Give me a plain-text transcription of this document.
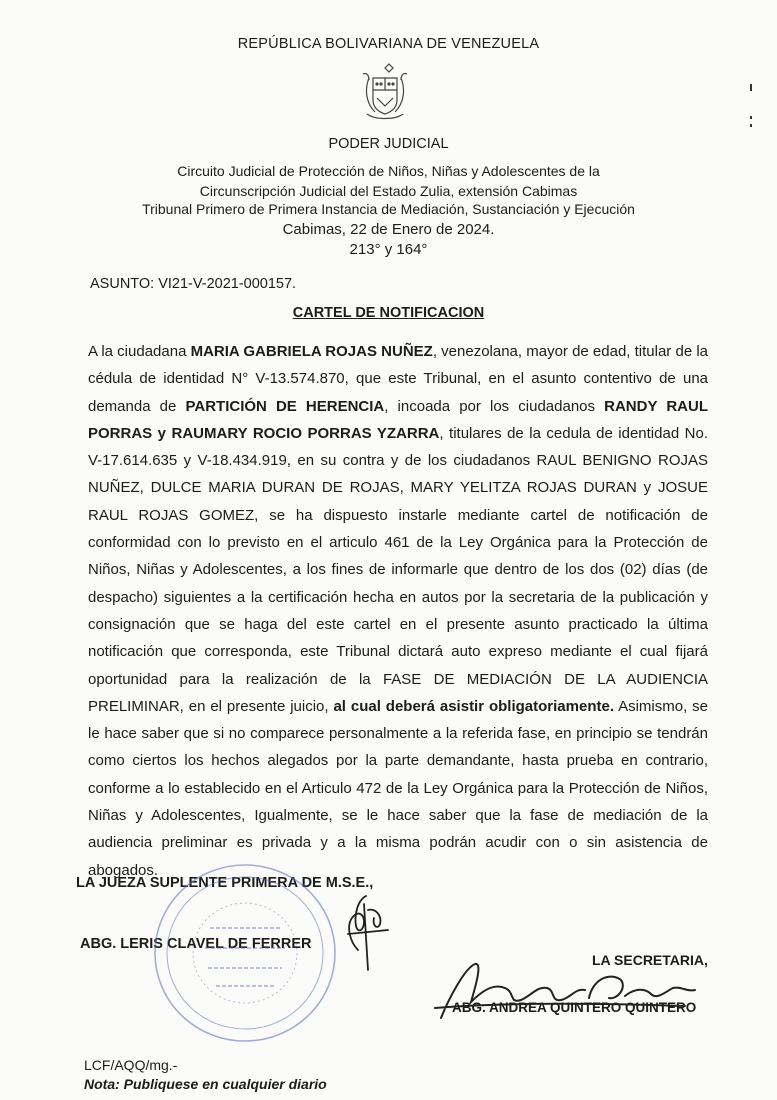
REPÚBLICA BOLIVARIANA DE VENEZUELA
PODER JUDICIAL
Circuito Judicial de Protección de Niños, Niñas y Adolescentes de la
Circunscripción Judicial del Estado Zulia, extensión Cabimas
Tribunal Primero de Primera Instancia de Mediación, Sustanciación y Ejecución
Cabimas, 22 de Enero de 2024.
213° y 164°
ASUNTO: VI21-V-2021-000157.
CARTEL DE NOTIFICACION

A la ciudadana MARIA GABRIELA ROJAS NUÑEZ, venezolana, mayor de edad, titular de la cédula de identidad N° V-13.574.870, que este Tribunal, en el asunto contentivo de una demanda de PARTICIÓN DE HERENCIA, incoada por los ciudadanos RANDY RAUL PORRAS y RAUMARY ROCIO PORRAS YZARRA, titulares de la cedula de identidad No. V-17.614.635 y V-18.434.919, en su contra y de los ciudadanos RAUL BENIGNO ROJAS NUÑEZ, DULCE MARIA DURAN DE ROJAS, MARY YELITZA ROJAS DURAN y JOSUE RAUL ROJAS GOMEZ, se ha dispuesto instarle mediante cartel de notificación de conformidad con lo previsto en el articulo 461 de la Ley Orgánica para la Protección de Niños, Niñas y Adolescentes, a los fines de informarle que dentro de los dos (02) días (de despacho) siguientes a la certificación hecha en autos por la secretaria de la publicación y consignación que se haga del este cartel en el presente asunto practicado la última notificación que corresponda, este Tribunal dictará auto expreso mediante el cual fijará oportunidad para la realización de la FASE DE MEDIACIÓN DE LA AUDIENCIA PRELIMINAR, en el presente juicio, al cual deberá asistir obligatoriamente. Asimismo, se le hace saber que si no comparece personalmente a la referida fase, en principio se tendrán como ciertos los hechos alegados por la parte demandante, hasta prueba en contrario, conforme a lo establecido en el Articulo 472 de la Ley Orgánica para la Protección de Niños, Niñas y Adolescentes, Igualmente, se le hace saber que la fase de mediación de la audiencia preliminar es privada y a la misma podrán acudir con o sin asistencia de abogados.

LA JUEZA SUPLENTE PRIMERA DE M.S.E.,
ABG. LERIS CLAVEL DE FERRER
LA SECRETARIA,
ABG. ANDREA QUINTERO QUINTERO
LCF/AQQ/mg.-
Nota: Publiquese en cualquier diario
